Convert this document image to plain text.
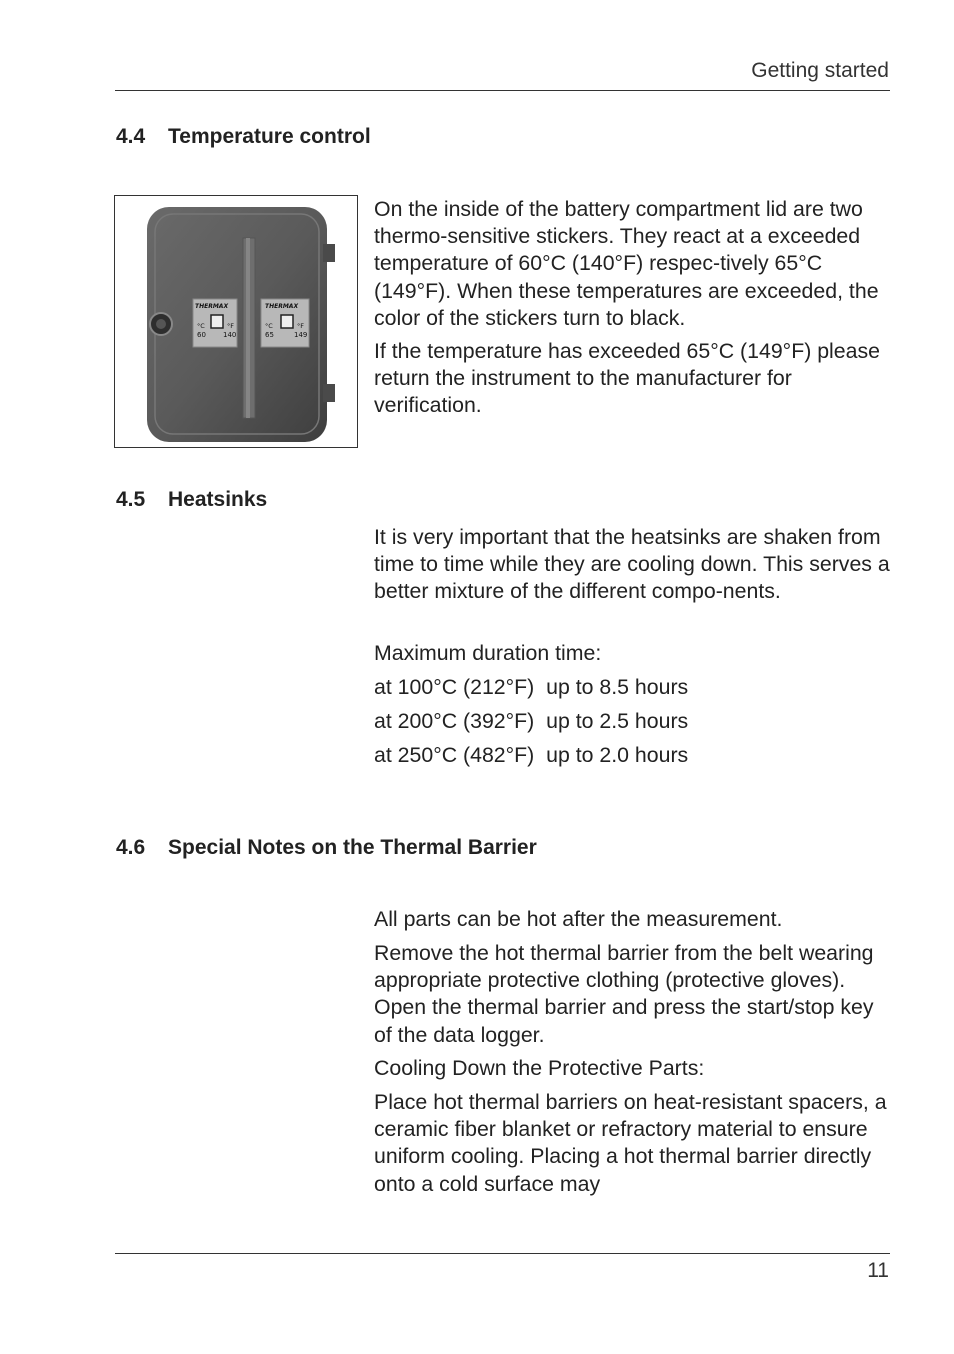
Getting started
4.4 Temperature control
THERMAX
°C	°F
60 140
THERMAX
°C	°F
65	149

On the inside of the battery compartment lid are two thermo-sensitive stickers. They react at a exceeded temperature of 60°C (140°F) respec-tively 65°C (149°F). When these temperatures are exceeded, the color of the stickers turn to black.

If the temperature has exceeded 65°C (149°F) please return the instrument to the manufacturer for verification.

4.5 Heatsinks

It is very important that the heatsinks are shaken from time to time while they are cooling down. This serves a better mixture of the different compo-nents.

Maximum duration time:

at 100°C (212°F)  up to 8.5 hours

at 200°C (392°F)  up to 2.5 hours

at 250°C (482°F)  up to 2.0 hours

4.6 Special Notes on the Thermal Barrier

All parts can be hot after the measurement.

Remove the hot thermal barrier from the belt wearing appropriate protective clothing (protective gloves). Open the thermal barrier and press the start/stop key of the data logger.

Cooling Down the Protective Parts:

Place hot thermal barriers on heat-resistant spacers, a ceramic fiber blanket or refractory material to ensure uniform cooling. Placing a hot thermal barrier directly onto a cold surface may

11
